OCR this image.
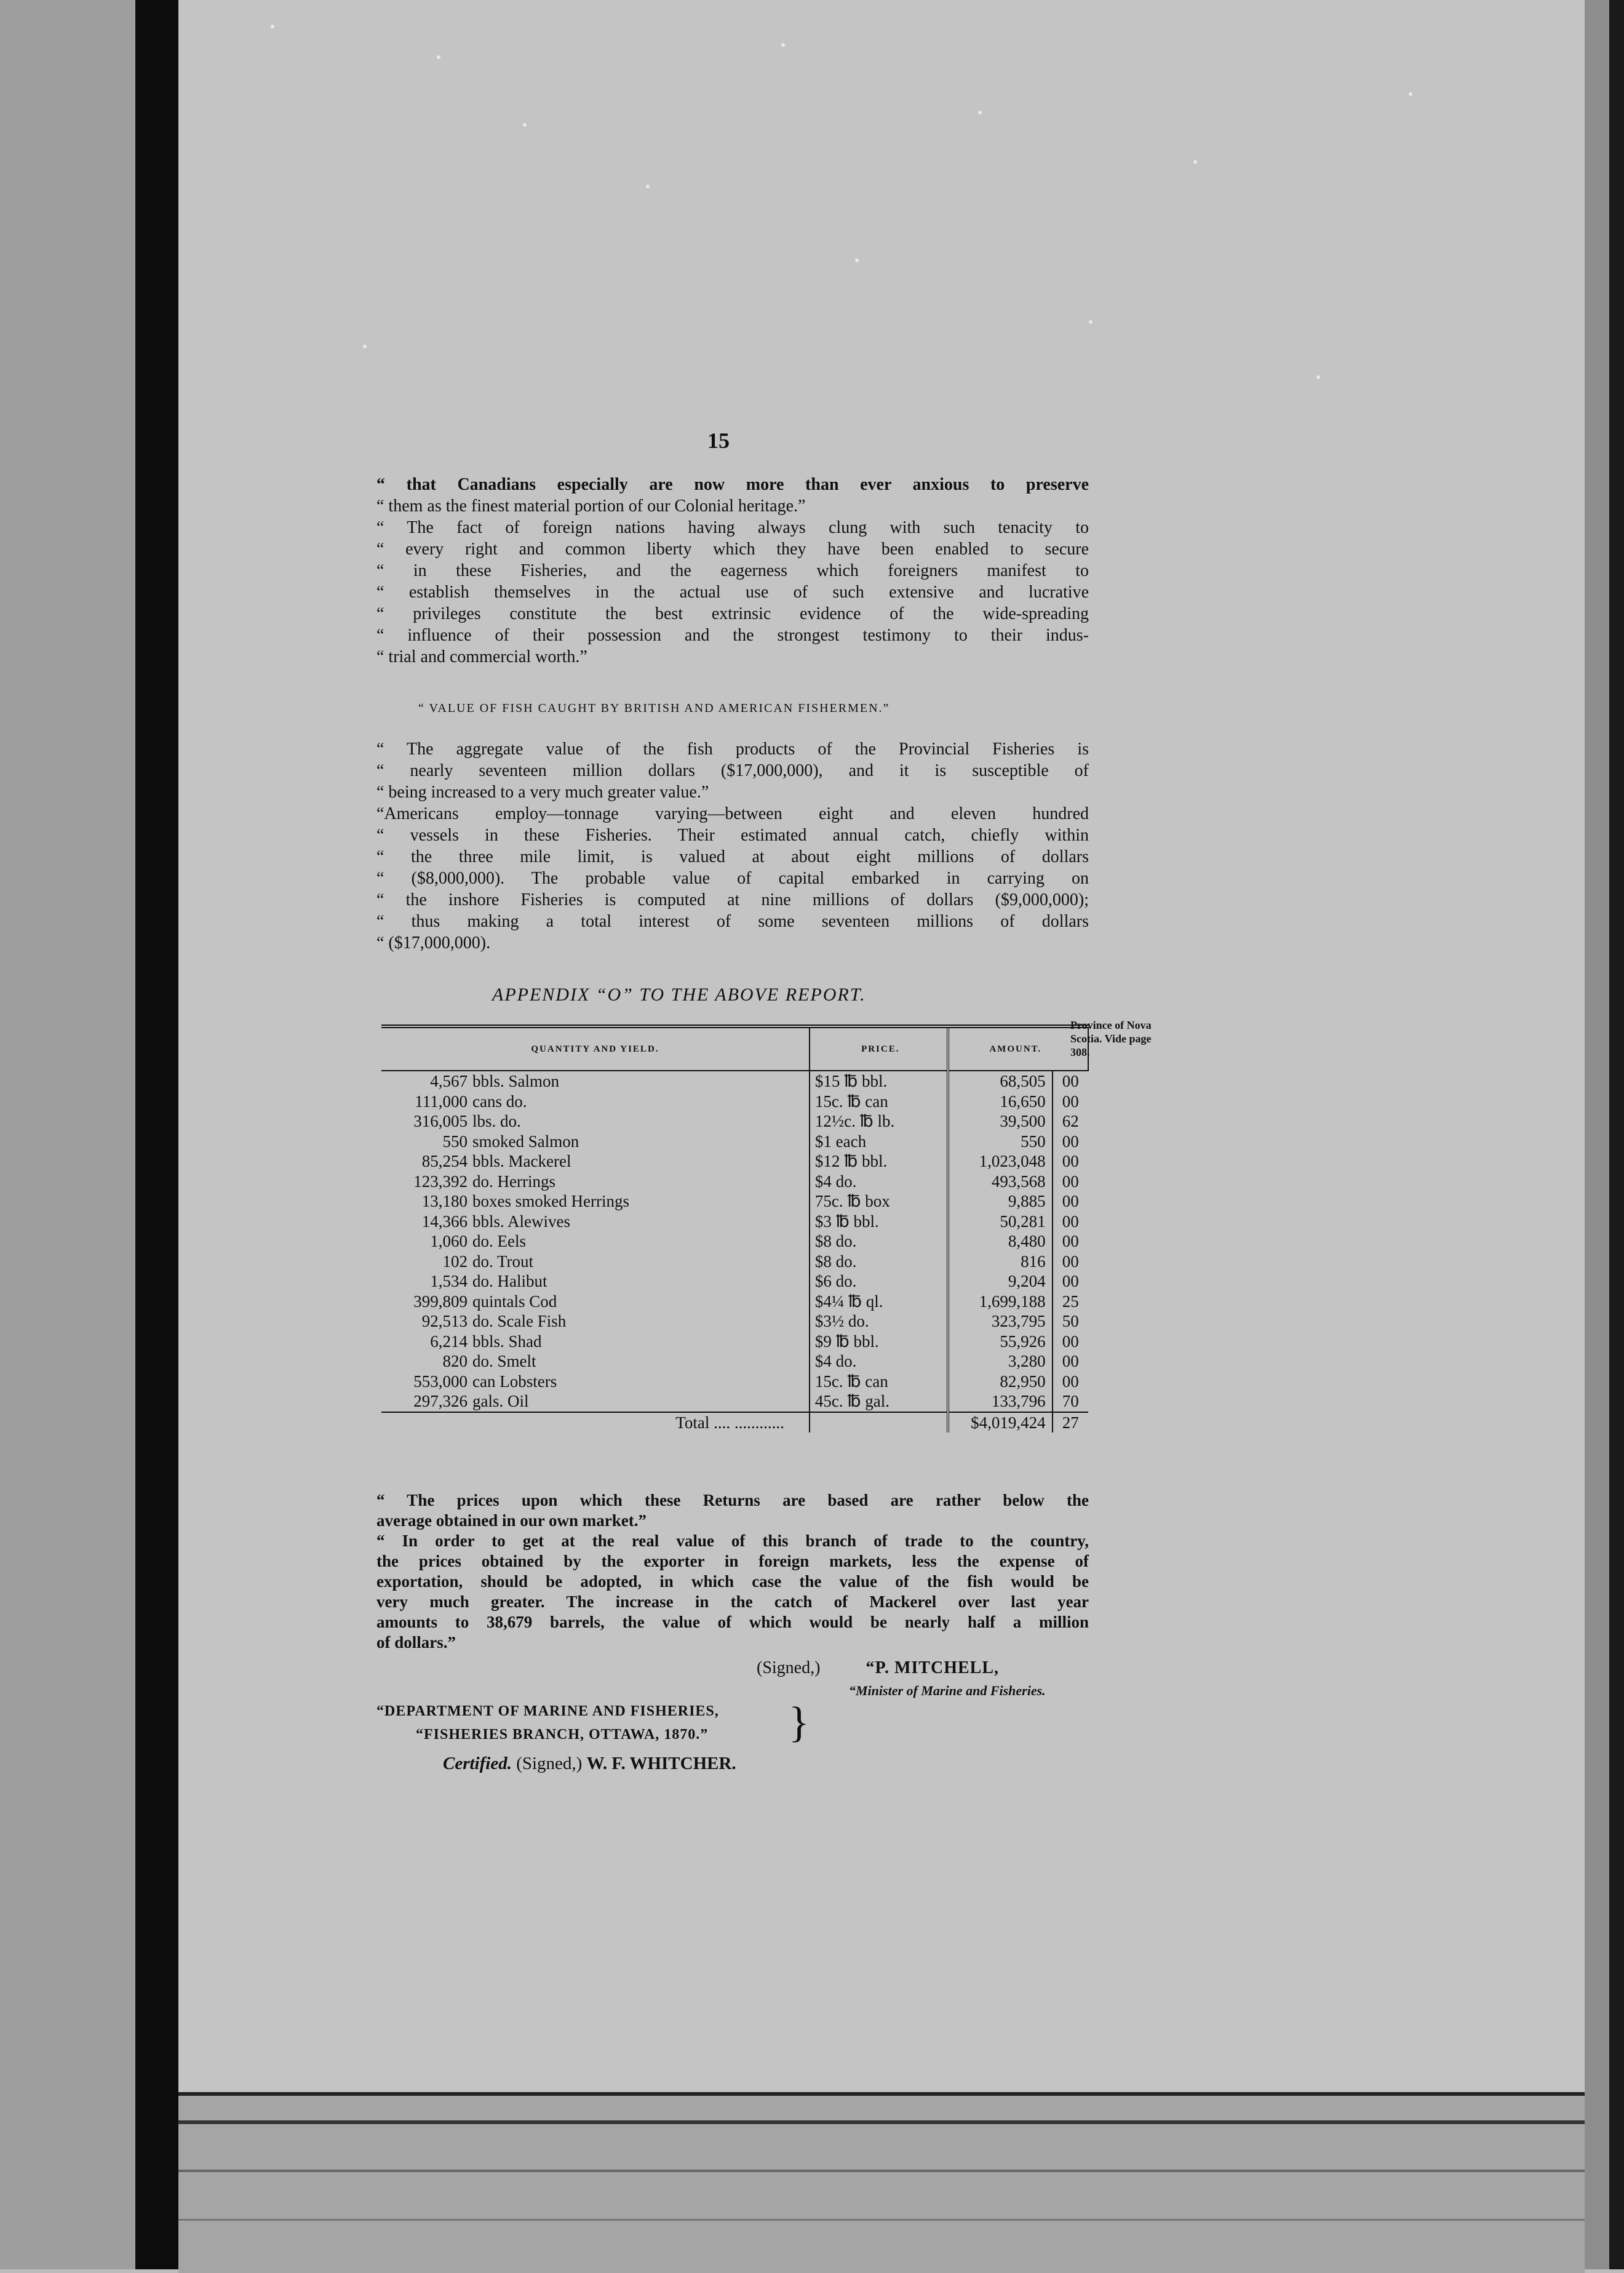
15
“ that Canadians especially are now more than ever anxious to preserve
“ them as the finest material portion of our Colonial heritage.”
“ The fact of foreign nations having always clung with such tenacity to
“ every right and common liberty which they have been enabled to secure
“ in these Fisheries, and the eagerness which foreigners manifest to
“ establish themselves in the actual use of such extensive and lucrative
“ privileges constitute the best extrinsic evidence of the wide-spreading
“ influence of their possession and the strongest testimony to their indus-
“ trial and commercial worth.”
“ VALUE OF FISH CAUGHT BY BRITISH AND AMERICAN FISHERMEN.”
“ The aggregate value of the fish products of the Provincial Fisheries is
“ nearly seventeen million dollars ($17,000,000), and it is susceptible of
“ being increased to a very much greater value.”
“Americans employ—tonnage varying—between eight and eleven hundred
“ vessels in these Fisheries. Their estimated annual catch, chiefly within
“ the three mile limit, is valued at about eight millions of dollars
“ ($8,000,000). The probable value of capital embarked in carrying on
“ the inshore Fisheries is computed at nine millions of dollars ($9,000,000);
“ thus making a total interest of some seventeen millions of dollars
“ ($17,000,000).
APPENDIX “O” TO THE ABOVE REPORT.
Province of Nova Scotia. Vide page 308.
QUANTITY AND YIELD.	PRICE.	AMOUNT.	
4,567 bbls. Salmon	$15 ℔ bbl.	68,505	00
111,000 cans do.	15c. ℔ can	16,650	00
316,005 lbs. do.	12½c. ℔ lb.	39,500	62
550 smoked Salmon	$1 each	550	00
85,254 bbls. Mackerel	$12 ℔ bbl.	1,023,048	00
123,392 do. Herrings	$4 do.	493,568	00
13,180 boxes smoked Herrings	75c. ℔ box	9,885	00
14,366 bbls. Alewives	$3 ℔ bbl.	50,281	00
1,060 do. Eels	$8 do.	8,480	00
102 do. Trout	$8 do.	816	00
1,534 do. Halibut	$6 do.	9,204	00
399,809 quintals Cod	$4¼ ℔ ql.	1,699,188	25
92,513 do. Scale Fish	$3½ do.	323,795	50
6,214 bbls. Shad	$9 ℔ bbl.	55,926	00
820 do. Smelt	$4 do.	3,280	00
553,000 can Lobsters	15c. ℔ can	82,950	00
297,326 gals. Oil	45c. ℔ gal.	133,796	70
Total .... ............		$4,019,424	27
“ The prices upon which these Returns are based are rather below the
average obtained in our own market.”
“ In order to get at the real value of this branch of trade to the country,
the prices obtained by the exporter in foreign markets, less the expense of
exportation, should be adopted, in which case the value of the fish would be
very much greater. The increase in the catch of Mackerel over last year
amounts to 38,679 barrels, the value of which would be nearly half a million
of dollars.”
(Signed,)	“P. MITCHELL,
“Minister of Marine and Fisheries.
“DEPARTMENT OF MARINE AND FISHERIES,
“FISHERIES BRANCH, OTTAWA, 1870.” }
Certified. (Signed,) W. F. WHITCHER.
